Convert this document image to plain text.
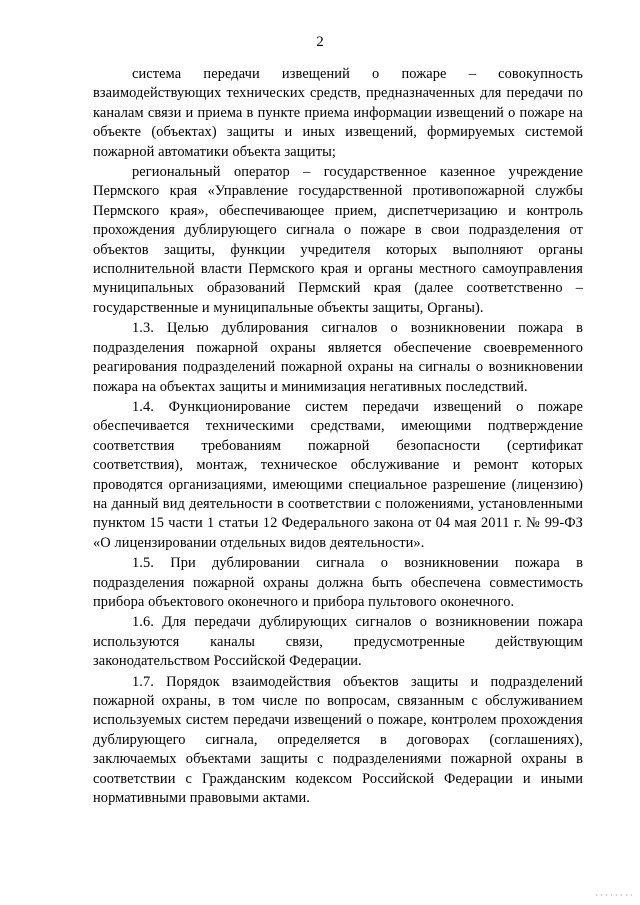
2

система передачи извещений о пожаре – совокупность взаимодействующих технических средств, предназначенных для передачи по каналам связи и приема в пункте приема информации извещений о пожаре на объекте (объектах) защиты и иных извещений, формируемых системой пожарной автоматики объекта защиты;

региональный оператор – государственное казенное учреждение Пермского края «Управление государственной противопожарной службы Пермского края», обеспечивающее прием, диспетчеризацию и контроль прохождения дублирующего сигнала о пожаре в свои подразделения от объектов защиты, функции учредителя которых выполняют органы исполнительной власти Пермского края и органы местного самоуправления муниципальных образований Пермский края (далее соответственно – государственные и муниципальные объекты защиты, Органы).

1.3. Целью дублирования сигналов о возникновении пожара в подразделения пожарной охраны является обеспечение своевременного реагирования подразделений пожарной охраны на сигналы о возникновении пожара на объектах защиты и минимизация негативных последствий.

1.4. Функционирование систем передачи извещений о пожаре обеспечивается техническими средствами, имеющими подтверждение соответствия требованиям пожарной безопасности (сертификат соответствия), монтаж, техническое обслуживание и ремонт которых проводятся организациями, имеющими специальное разрешение (лицензию) на данный вид деятельности в соответствии с положениями, установленными пунктом 15 части 1 статьи 12 Федерального закона от 04 мая 2011 г. № 99-ФЗ «О лицензировании отдельных видов деятельности».

1.5. При дублировании сигнала о возникновении пожара в подразделения пожарной охраны должна быть обеспечена совместимость прибора объектового оконечного и прибора пультового оконечного.

1.6. Для передачи дублирующих сигналов о возникновении пожара используются каналы связи, предусмотренные действующим законодательством Российской Федерации.

1.7. Порядок взаимодействия объектов защиты и подразделений пожарной охраны, в том числе по вопросам, связанным с обслуживанием используемых систем передачи извещений о пожаре, контролем прохождения дублирующего сигнала, определяется в договорах (соглашениях), заключаемых объектами защиты с подразделениями пожарной охраны в соответствии с Гражданским кодексом Российской Федерации и иными нормативными правовыми актами.
